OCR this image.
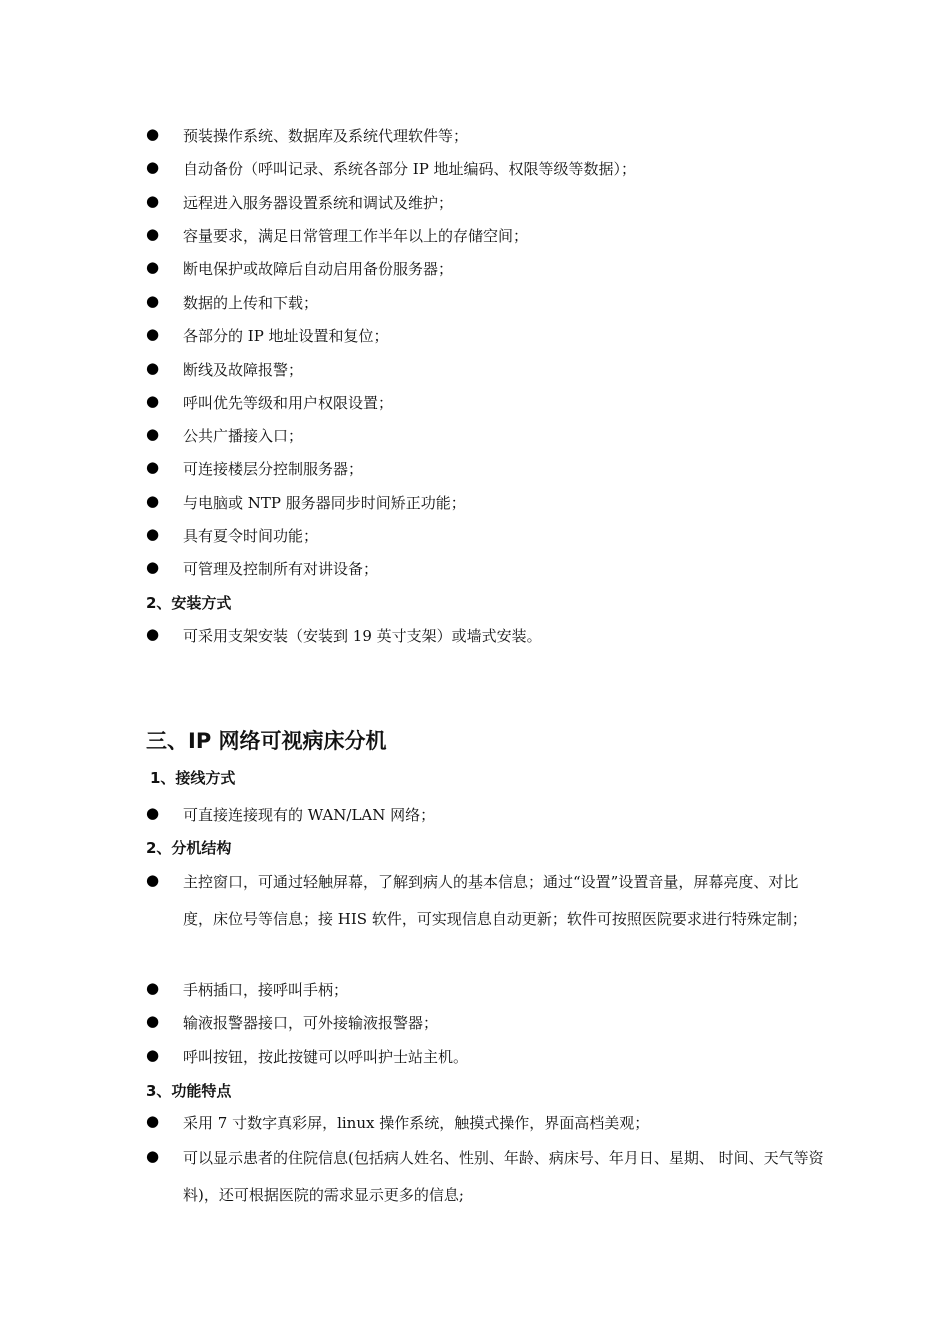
● 预装操作系统、数据库及系统代理软件等；
● 自动备份（呼叫记录、系统各部分 IP 地址编码、权限等级等数据）；
● 远程进入服务器设置系统和调试及维护；
● 容量要求，满足日常管理工作半年以上的存储空间；
● 断电保护或故障后自动启用备份服务器；
● 数据的上传和下载；
● 各部分的 IP 地址设置和复位；
● 断线及故障报警；
● 呼叫优先等级和用户权限设置；
● 公共广播接入口；
● 可连接楼层分控制服务器；
● 与电脑或 NTP 服务器同步时间矫正功能；
● 具有夏令时间功能；
● 可管理及控制所有对讲设备；
2、安装方式
● 可采用支架安装（安装到 19 英寸支架）或墙式安装。
三、IP 网络可视病床分机
1、接线方式
● 可直接连接现有的 WAN/LAN 网络；
2、分机结构
● 主控窗口，可通过轻触屏幕，了解到病人的基本信息；通过“设置”设置音量，屏幕亮度、对比度，床位号等信息；接 HIS 软件，可实现信息自动更新；软件可按照医院要求进行特殊定制；
● 手柄插口，接呼叫手柄；
● 输液报警器接口，可外接输液报警器；
● 呼叫按钮，按此按键可以呼叫护士站主机。
3、功能特点
● 采用 7 寸数字真彩屏，linux 操作系统，触摸式操作，界面高档美观；
● 可以显示患者的住院信息(包括病人姓名、性别、年龄、病床号、年月日、星期、 时间、天气等资料)，还可根据医院的需求显示更多的信息;
